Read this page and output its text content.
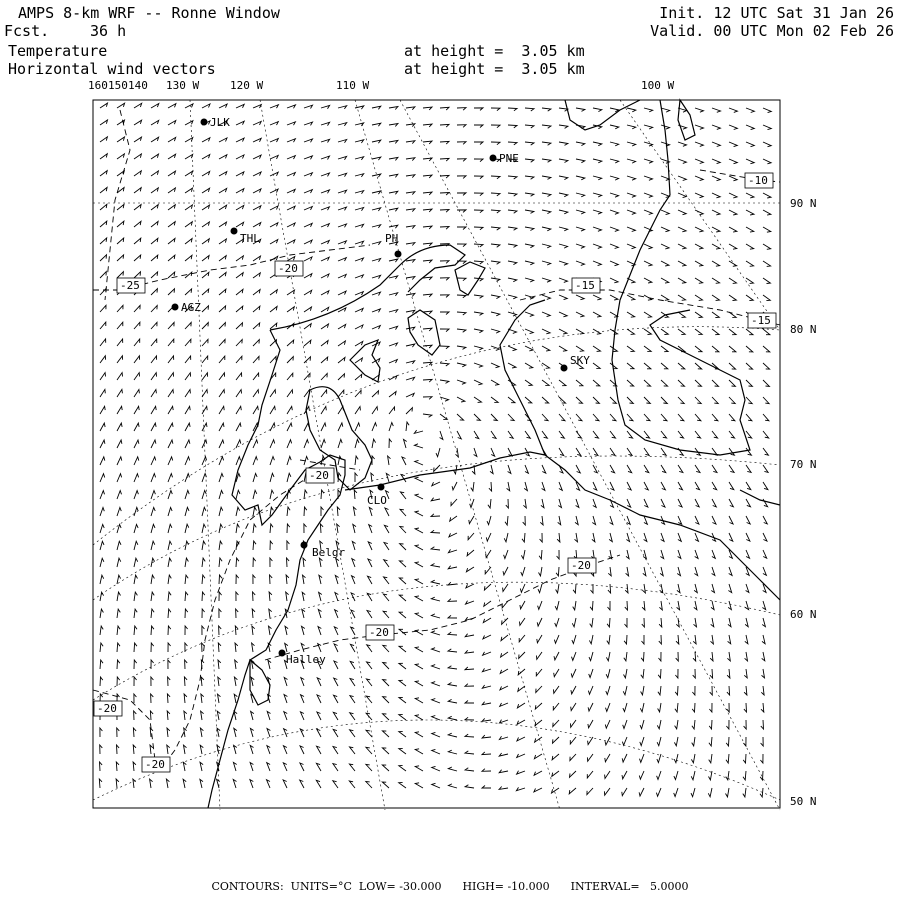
AMPS 8-km WRF -- Ronne Window
Fcst.	36 h
Temperature
Horizontal wind vectors
at height =  3.05 km
at height =  3.05 km
Init. 12 UTC Sat 31 Jan 26
Valid. 00 UTC Mon 02 Feb 26
-10
-15
-15
-20
-25
-20
-20
-20
-20
-20
JLK
PNE
THL	PH
AGZ
SKY
CLO
Belgr
Halley
160 150 140 130 W	120 W	110 W	100 W
90 N
80 N
70 N
60 N
50 N
CONTOURS:  UNITS=°C  LOW= -30.000      HIGH= -10.000      INTERVAL=   5.0000
